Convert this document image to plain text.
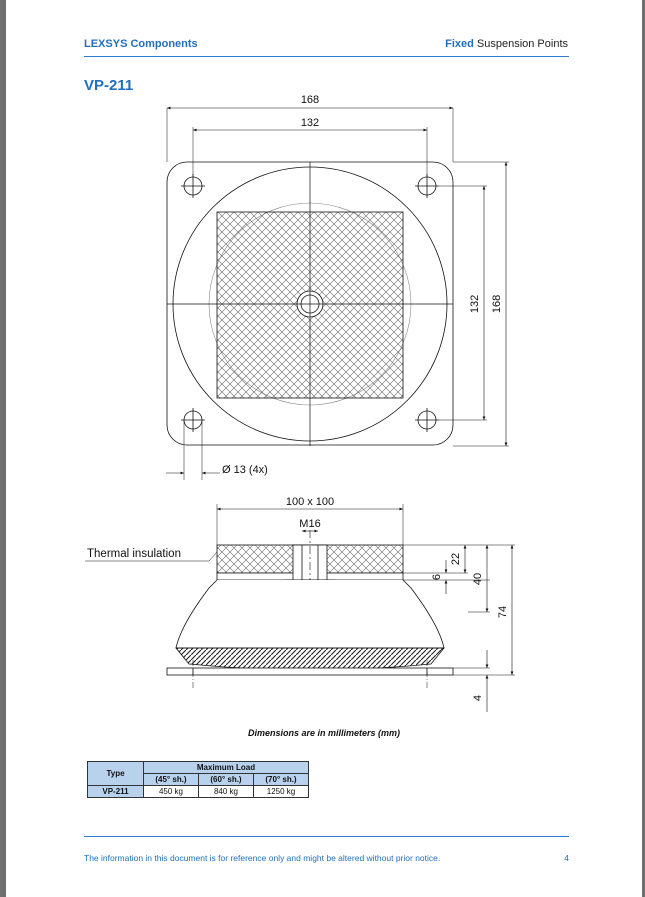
LEXSYS Components	Fixed Suspension Points
VP-211
168
132
132 168
Ø 13 (4x)
100 x 100
M16
Thermal insulation	22
6	40
74
4
Dimensions are in millimeters (mm)
Type	Maximum Load		
	(45° sh.)	(60° sh.)	(70° sh.)
VP-211	450 kg	840 kg	1250 kg
The information in this document is for reference only and might be altered without prior notice.	4
